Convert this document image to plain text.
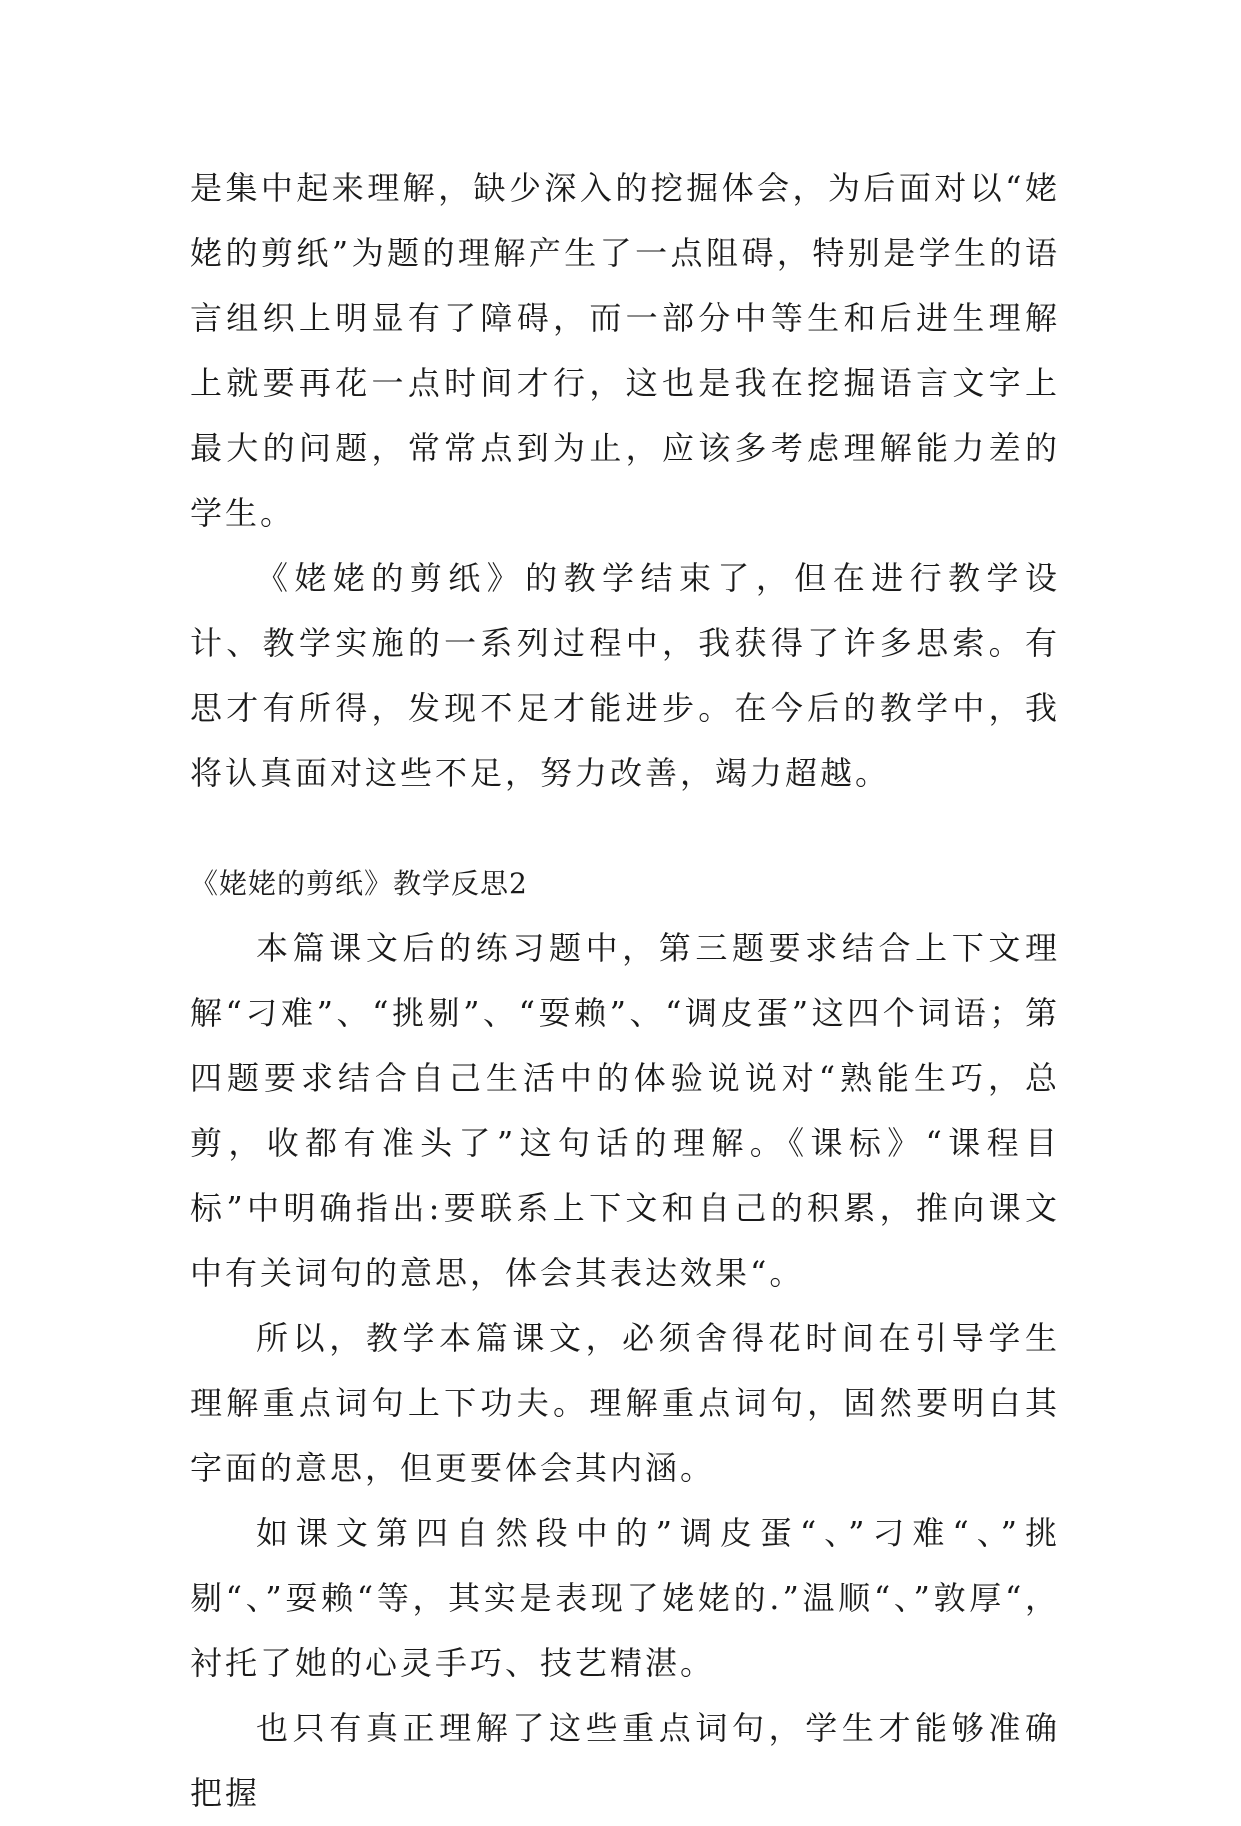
是集中起来理解，缺少深入的挖掘体会，为后面对以“姥姥的剪纸”为题的理解产生了一点阻碍，特别是学生的语言组织上明显有了障碍，而一部分中等生和后进生理解上就要再花一点时间才行，这也是我在挖掘语言文字上最大的问题，常常点到为止，应该多考虑理解能力差的学生。

《姥姥的剪纸》的教学结束了，但在进行教学设计、教学实施的一系列过程中，我获得了许多思索。有思才有所得，发现不足才能进步。在今后的教学中，我将认真面对这些不足，努力改善，竭力超越。

《姥姥的剪纸》教学反思2

本篇课文后的练习题中，第三题要求结合上下文理解“刁难”、“挑剔”、“耍赖”、“调皮蛋”这四个词语；第四题要求结合自己生活中的体验说说对“熟能生巧，总剪，收都有准头了”这句话的理解。《课标》“课程目标”中明确指出:要联系上下文和自己的积累，推向课文中有关词句的意思，体会其表达效果“。

所以，教学本篇课文，必须舍得花时间在引导学生理解重点词句上下功夫。理解重点词句，固然要明白其字面的意思，但更要体会其内涵。

如课文第四自然段中的”调皮蛋“、”刁难“、”挑剔“、”耍赖“等，其实是表现了姥姥的.”温顺“、”敦厚“，衬托了她的心灵手巧、技艺精湛。

也只有真正理解了这些重点词句，学生才能够准确把握
